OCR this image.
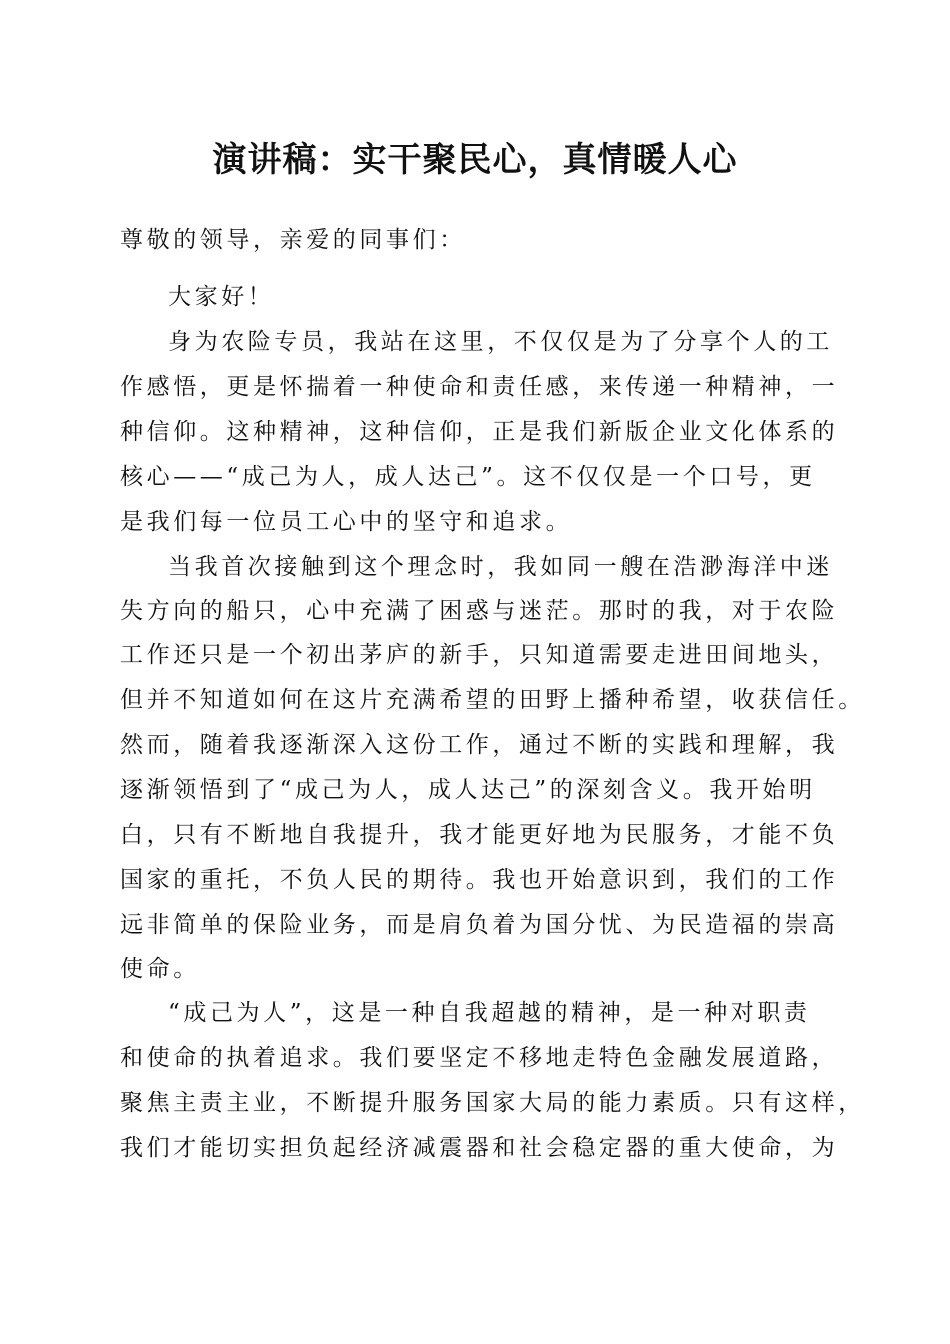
演讲稿：实干聚民心，真情暖人心
尊敬的领导，亲爱的同事们：
大家好！
身为农险专员，我站在这里，不仅仅是为了分享个人的工
作感悟，更是怀揣着一种使命和责任感，来传递一种精神，一
种信仰。这种精神，这种信仰，正是我们新版企业文化体系的
核心——“成己为人，成人达己”。这不仅仅是一个口号，更
是我们每一位员工心中的坚守和追求。
当我首次接触到这个理念时，我如同一艘在浩渺海洋中迷
失方向的船只，心中充满了困惑与迷茫。那时的我，对于农险
工作还只是一个初出茅庐的新手，只知道需要走进田间地头，
但并不知道如何在这片充满希望的田野上播种希望，收获信任。
然而，随着我逐渐深入这份工作，通过不断的实践和理解，我
逐渐领悟到了“成己为人，成人达己”的深刻含义。我开始明
白，只有不断地自我提升，我才能更好地为民服务，才能不负
国家的重托，不负人民的期待。我也开始意识到，我们的工作
远非简单的保险业务，而是肩负着为国分忧、为民造福的崇高
使命。
“成己为人”，这是一种自我超越的精神，是一种对职责
和使命的执着追求。我们要坚定不移地走特色金融发展道路，
聚焦主责主业，不断提升服务国家大局的能力素质。只有这样，
我们才能切实担负起经济减震器和社会稳定器的重大使命，为
